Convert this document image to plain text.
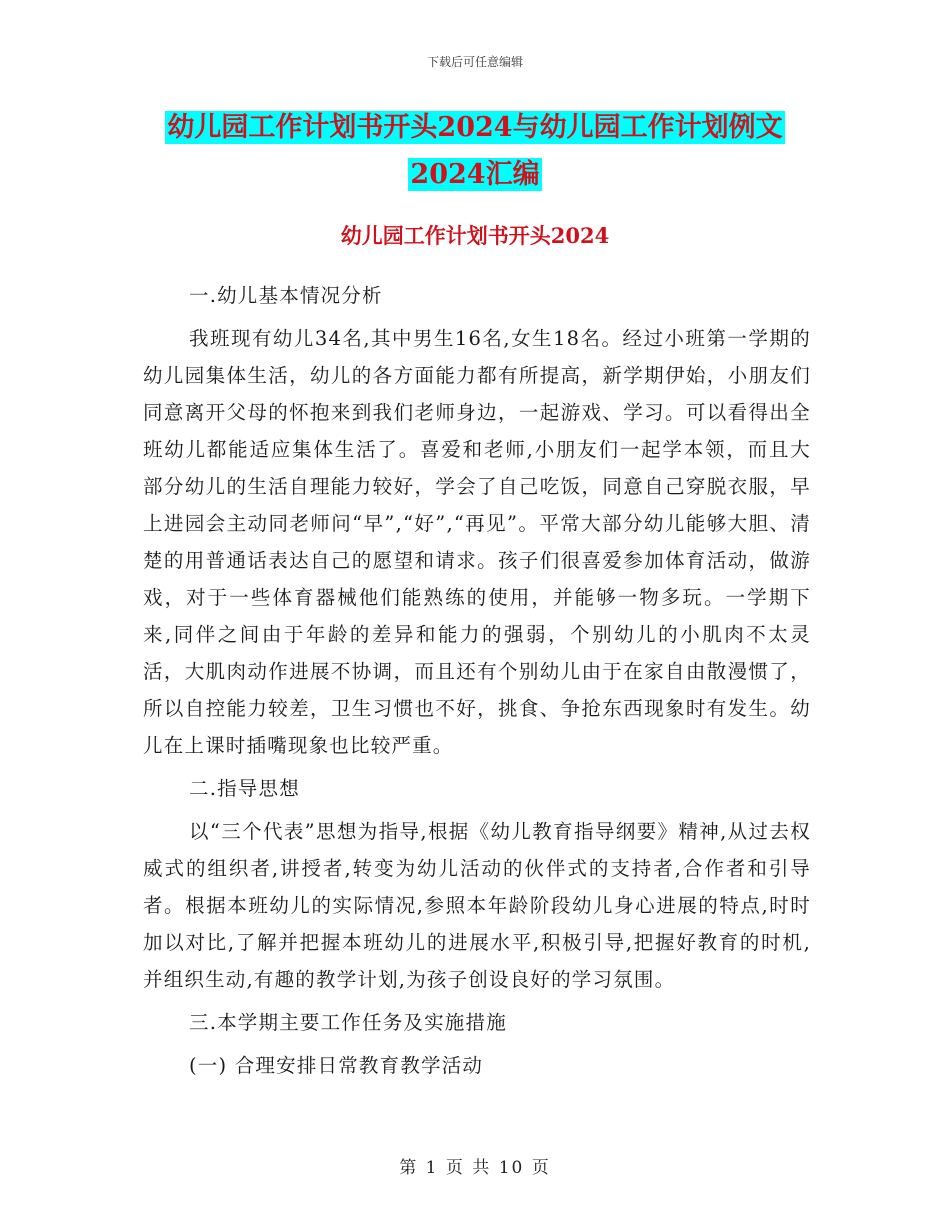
下载后可任意编辑
幼儿园工作计划书开头2024与幼儿园工作计划例文
2024汇编
幼儿园工作计划书开头2024

一.幼儿基本情况分析

我班现有幼儿34名,其中男生16名,女生18名。经过小班第一学期的幼儿园集体生活，幼儿的各方面能力都有所提高，新学期伊始，小朋友们同意离开父母的怀抱来到我们老师身边，一起游戏、学习。可以看得出全班幼儿都能适应集体生活了。喜爱和老师,小朋友们一起学本领，而且大部分幼儿的生活自理能力较好，学会了自己吃饭，同意自己穿脱衣服，早上进园会主动同老师问“早”,“好”,“再见”。平常大部分幼儿能够大胆、清楚的用普通话表达自己的愿望和请求。孩子们很喜爱参加体育活动，做游戏，对于一些体育器械他们能熟练的使用，并能够一物多玩。一学期下来,同伴之间由于年龄的差异和能力的强弱，个别幼儿的小肌肉不太灵活，大肌肉动作进展不协调，而且还有个别幼儿由于在家自由散漫惯了，所以自控能力较差，卫生习惯也不好，挑食、争抢东西现象时有发生。幼儿在上课时插嘴现象也比较严重。

二.指导思想

以“三个代表”思想为指导,根据《幼儿教育指导纲要》精神,从过去权威式的组织者,讲授者,转变为幼儿活动的伙伴式的支持者,合作者和引导者。根据本班幼儿的实际情况,参照本年龄阶段幼儿身心进展的特点,时时加以对比,了解并把握本班幼儿的进展水平,积极引导,把握好教育的时机,并组织生动,有趣的教学计划,为孩子创设良好的学习氛围。

三.本学期主要工作任务及实施措施

(一) 合理安排日常教育教学活动

第 1 页 共 10 页
